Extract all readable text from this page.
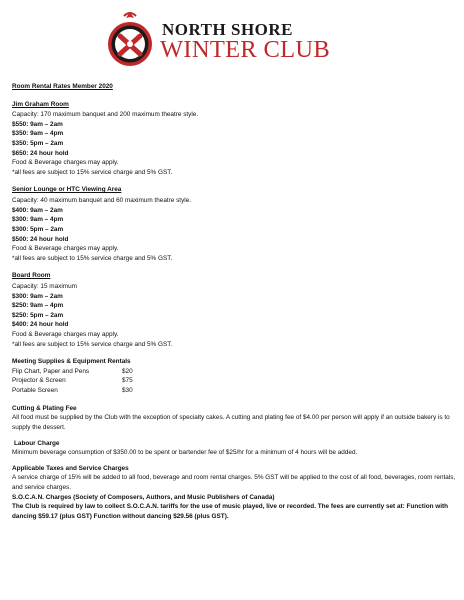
NORTH SHORE
WINTER CLUB
Room Rental Rates Member 2020
Jim Graham Room
Capacity: 170 maximum banquet and 200 maximum theatre style.
$550: 9am – 2am
$350: 9am – 4pm
$350: 5pm – 2am
$650: 24 hour hold
Food & Beverage charges may apply.
*all fees are subject to 15% service charge and 5% GST.
Senior Lounge or HTC Viewing Area
Capacity: 40 maximum banquet and 60 maximum theatre style.
$400: 9am – 2am
$300: 9am – 4pm
$300: 5pm – 2am
$500: 24 hour hold
Food & Beverage charges may apply.
*all fees are subject to 15% service charge and 5% GST.
Board Room
Capacity: 15 maximum
$300: 9am – 2am
$250: 9am – 4pm
$250: 5pm – 2am
$400: 24 hour hold
Food & Beverage charges may apply.
*all fees are subject to 15% service charge and 5% GST.
Meeting Supplies & Equipment Rentals
Flip Chart, Paper and Pens	$20
Projector & Screen	$75
Portable Screen	$30
Cutting & Plating Fee
All food must be supplied by the Club with the exception of specialty cakes. A cutting and plating fee of $4.00 per person will apply if an outside bakery is to supply the dessert.
Labour Charge
Minimum beverage consumption of $350.00 to be spent or bartender fee of $25/hr for a minimum of 4 hours will be added.
Applicable Taxes and Service Charges
A service charge of 15% will be added to all food, beverage and room rental charges. 5% GST will be applied to the cost of all food, beverages, room rentals, and service charges.
S.O.C.A.N. Charges (Society of Composers, Authors, and Music Publishers of Canada)
The Club is required by law to collect S.O.C.A.N. tariffs for the use of music played, live or recorded. The fees are currently set at: Function with dancing $59.17 (plus GST) Function without dancing $29.56 (plus GST).
